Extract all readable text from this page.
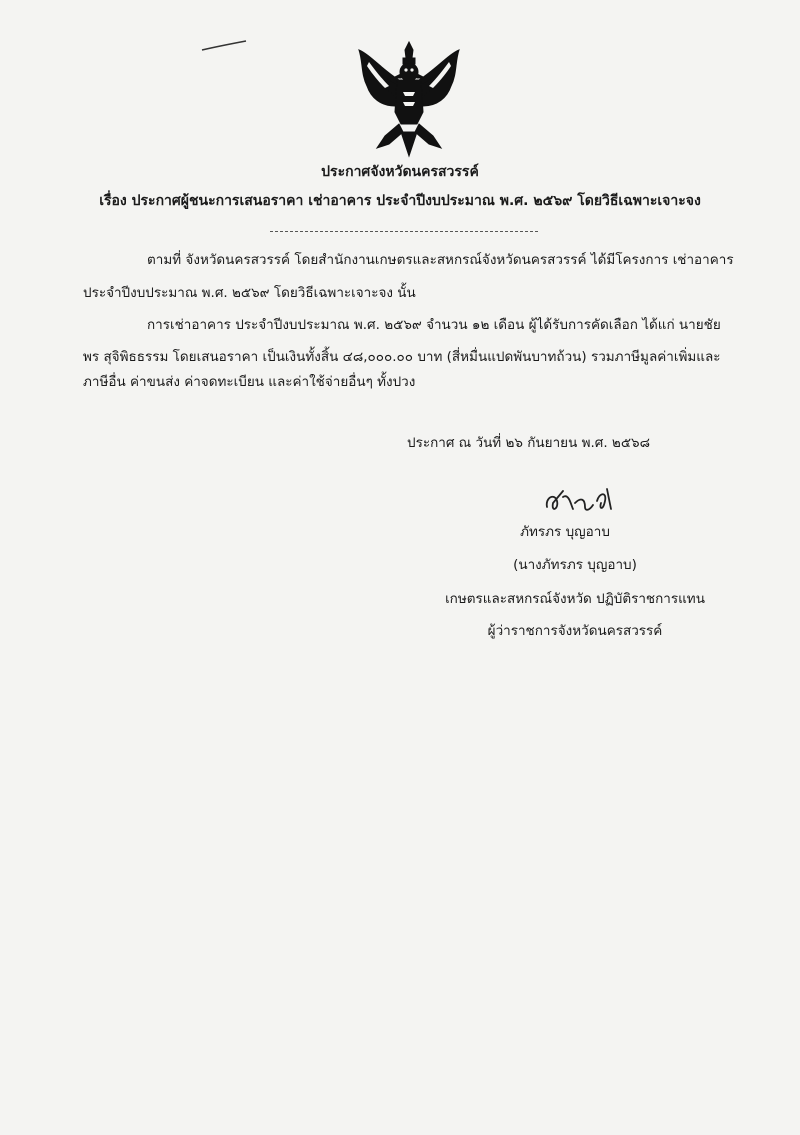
ประกาศจังหวัดนครสวรรค์
เรื่อง ประกาศผู้ชนะการเสนอราคา เช่าอาคาร ประจำปีงบประมาณ พ.ศ. ๒๕๖๙ โดยวิธีเฉพาะเจาะจง
ตามที่ จังหวัดนครสวรรค์ โดยสำนักงานเกษตรและสหกรณ์จังหวัดนครสวรรค์ ได้มีโครงการ เช่าอาคาร
ประจำปีงบประมาณ พ.ศ. ๒๕๖๙ โดยวิธีเฉพาะเจาะจง นั้น
การเช่าอาคาร ประจำปีงบประมาณ พ.ศ. ๒๕๖๙ จำนวน ๑๒ เดือน ผู้ได้รับการคัดเลือก ได้แก่ นายชัย
พร สุจิพิธธรรม โดยเสนอราคา เป็นเงินทั้งสิ้น ๔๘,๐๐๐.๐๐ บาท (สี่หมื่นแปดพันบาทถ้วน) รวมภาษีมูลค่าเพิ่มและ
ภาษีอื่น ค่าขนส่ง ค่าจดทะเบียน และค่าใช้จ่ายอื่นๆ ทั้งปวง
ประกาศ ณ วันที่ ๒๖ กันยายน พ.ศ. ๒๕๖๘
ภัทรภร บุญอาบ
(นางภัทรภร บุญอาบ)
เกษตรและสหกรณ์จังหวัด ปฏิบัติราชการแทน
ผู้ว่าราชการจังหวัดนครสวรรค์
